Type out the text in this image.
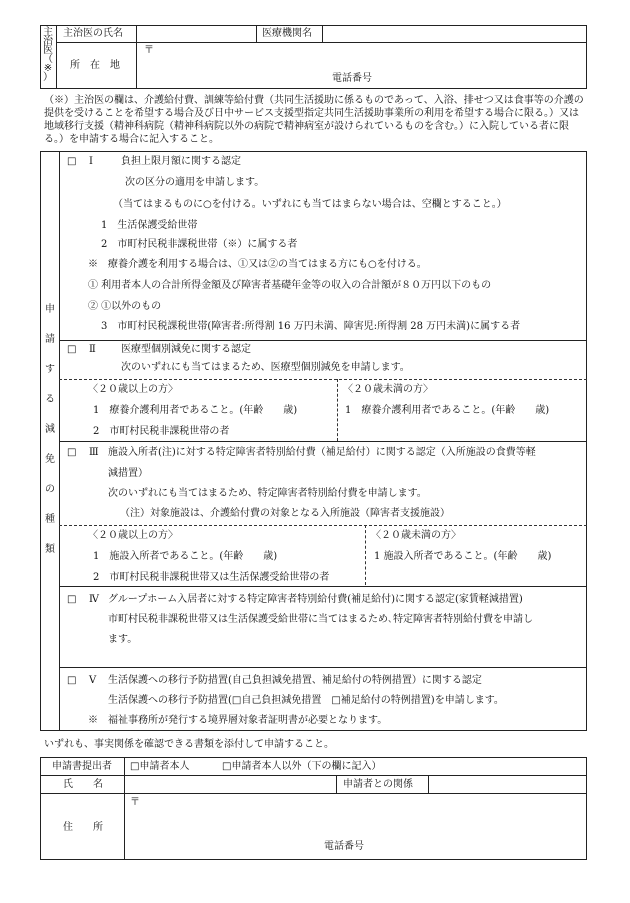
主
治
医
（
※
）
主治医の氏名	医療機関名
所　在　地
〒
電話番号
（※）主治医の欄は、介護給付費、訓練等給付費（共同生活援助に係るものであって、入浴、排せつ又は食事等の介護の提供を受けることを希望する場合及び日中サービス支援型指定共同生活援助事業所の利用を希望する場合に限る。）又は地域移行支援（精神科病院（精神科病院以外の病院で精神病室が設けられているものを含む。）に入院している者に限る。）を申請する場合に記入すること。
申
請
す
る
減
免
の
種
類
□ Ⅰ	負担上限月額に関する認定
次の区分の適用を申請します。
（当てはまるものに○を付ける。いずれにも当てはまらない場合は、空欄とすること。）
1　生活保護受給世帯
2　市町村民税非課税世帯（※）に属する者
※　療養介護を利用する場合は、①又は②の当てはまる方にも○を付ける。
① 利用者本人の合計所得金額及び障害者基礎年金等の収入の合計額が８０万円以下のもの
② ①以外のもの
3　市町村民税課税世帯(障害者:所得割 16 万円未満、障害児:所得割 28 万円未満)に属する者
□ Ⅱ	医療型個別減免に関する認定
次のいずれにも当てはまるため、医療型個別減免を申請します。
〈２０歳以上の方〉
1　療養介護利用者であること。(年齢　　歳)
2　市町村民税非課税世帯の者
〈２０歳未満の方〉
1　療養介護利用者であること。(年齢　　歳)
□ Ⅲ 施設入所者(注)に対する特定障害者特別給付費（補足給付）に関する認定（入所施設の食費等軽
減措置）
次のいずれにも当てはまるため、特定障害者特別給付費を申請します。
（注）対象施設は、介護給付費の対象となる入所施設（障害者支援施設）
〈２０歳以上の方〉
1　施設入所者であること。(年齢　　歳)
2　市町村民税非課税世帯又は生活保護受給世帯の者
〈２０歳未満の方〉
1 施設入所者であること。(年齢　　歳)
□ Ⅳ グループホーム入居者に対する特定障害者特別給付費(補足給付)に関する認定(家賃軽減措置)
市町村民税非課税世帯又は生活保護受給世帯に当てはまるため､特定障害者特別給付費を申請し
ます。
□ Ⅴ 生活保護への移行予防措置(自己負担減免措置、補足給付の特例措置）に関する認定
生活保護への移行予防措置(□自己負担減免措置　□補足給付の特例措置)を申請します。
※　福祉事務所が発行する境界層対象者証明書が必要となります。
いずれも、事実関係を確認できる書類を添付して申請すること。
申請書提出者 □申請者本人	□申請者本人以外（下の欄に記入）
氏　　名	申請者との関係
住　　所
〒
電話番号
